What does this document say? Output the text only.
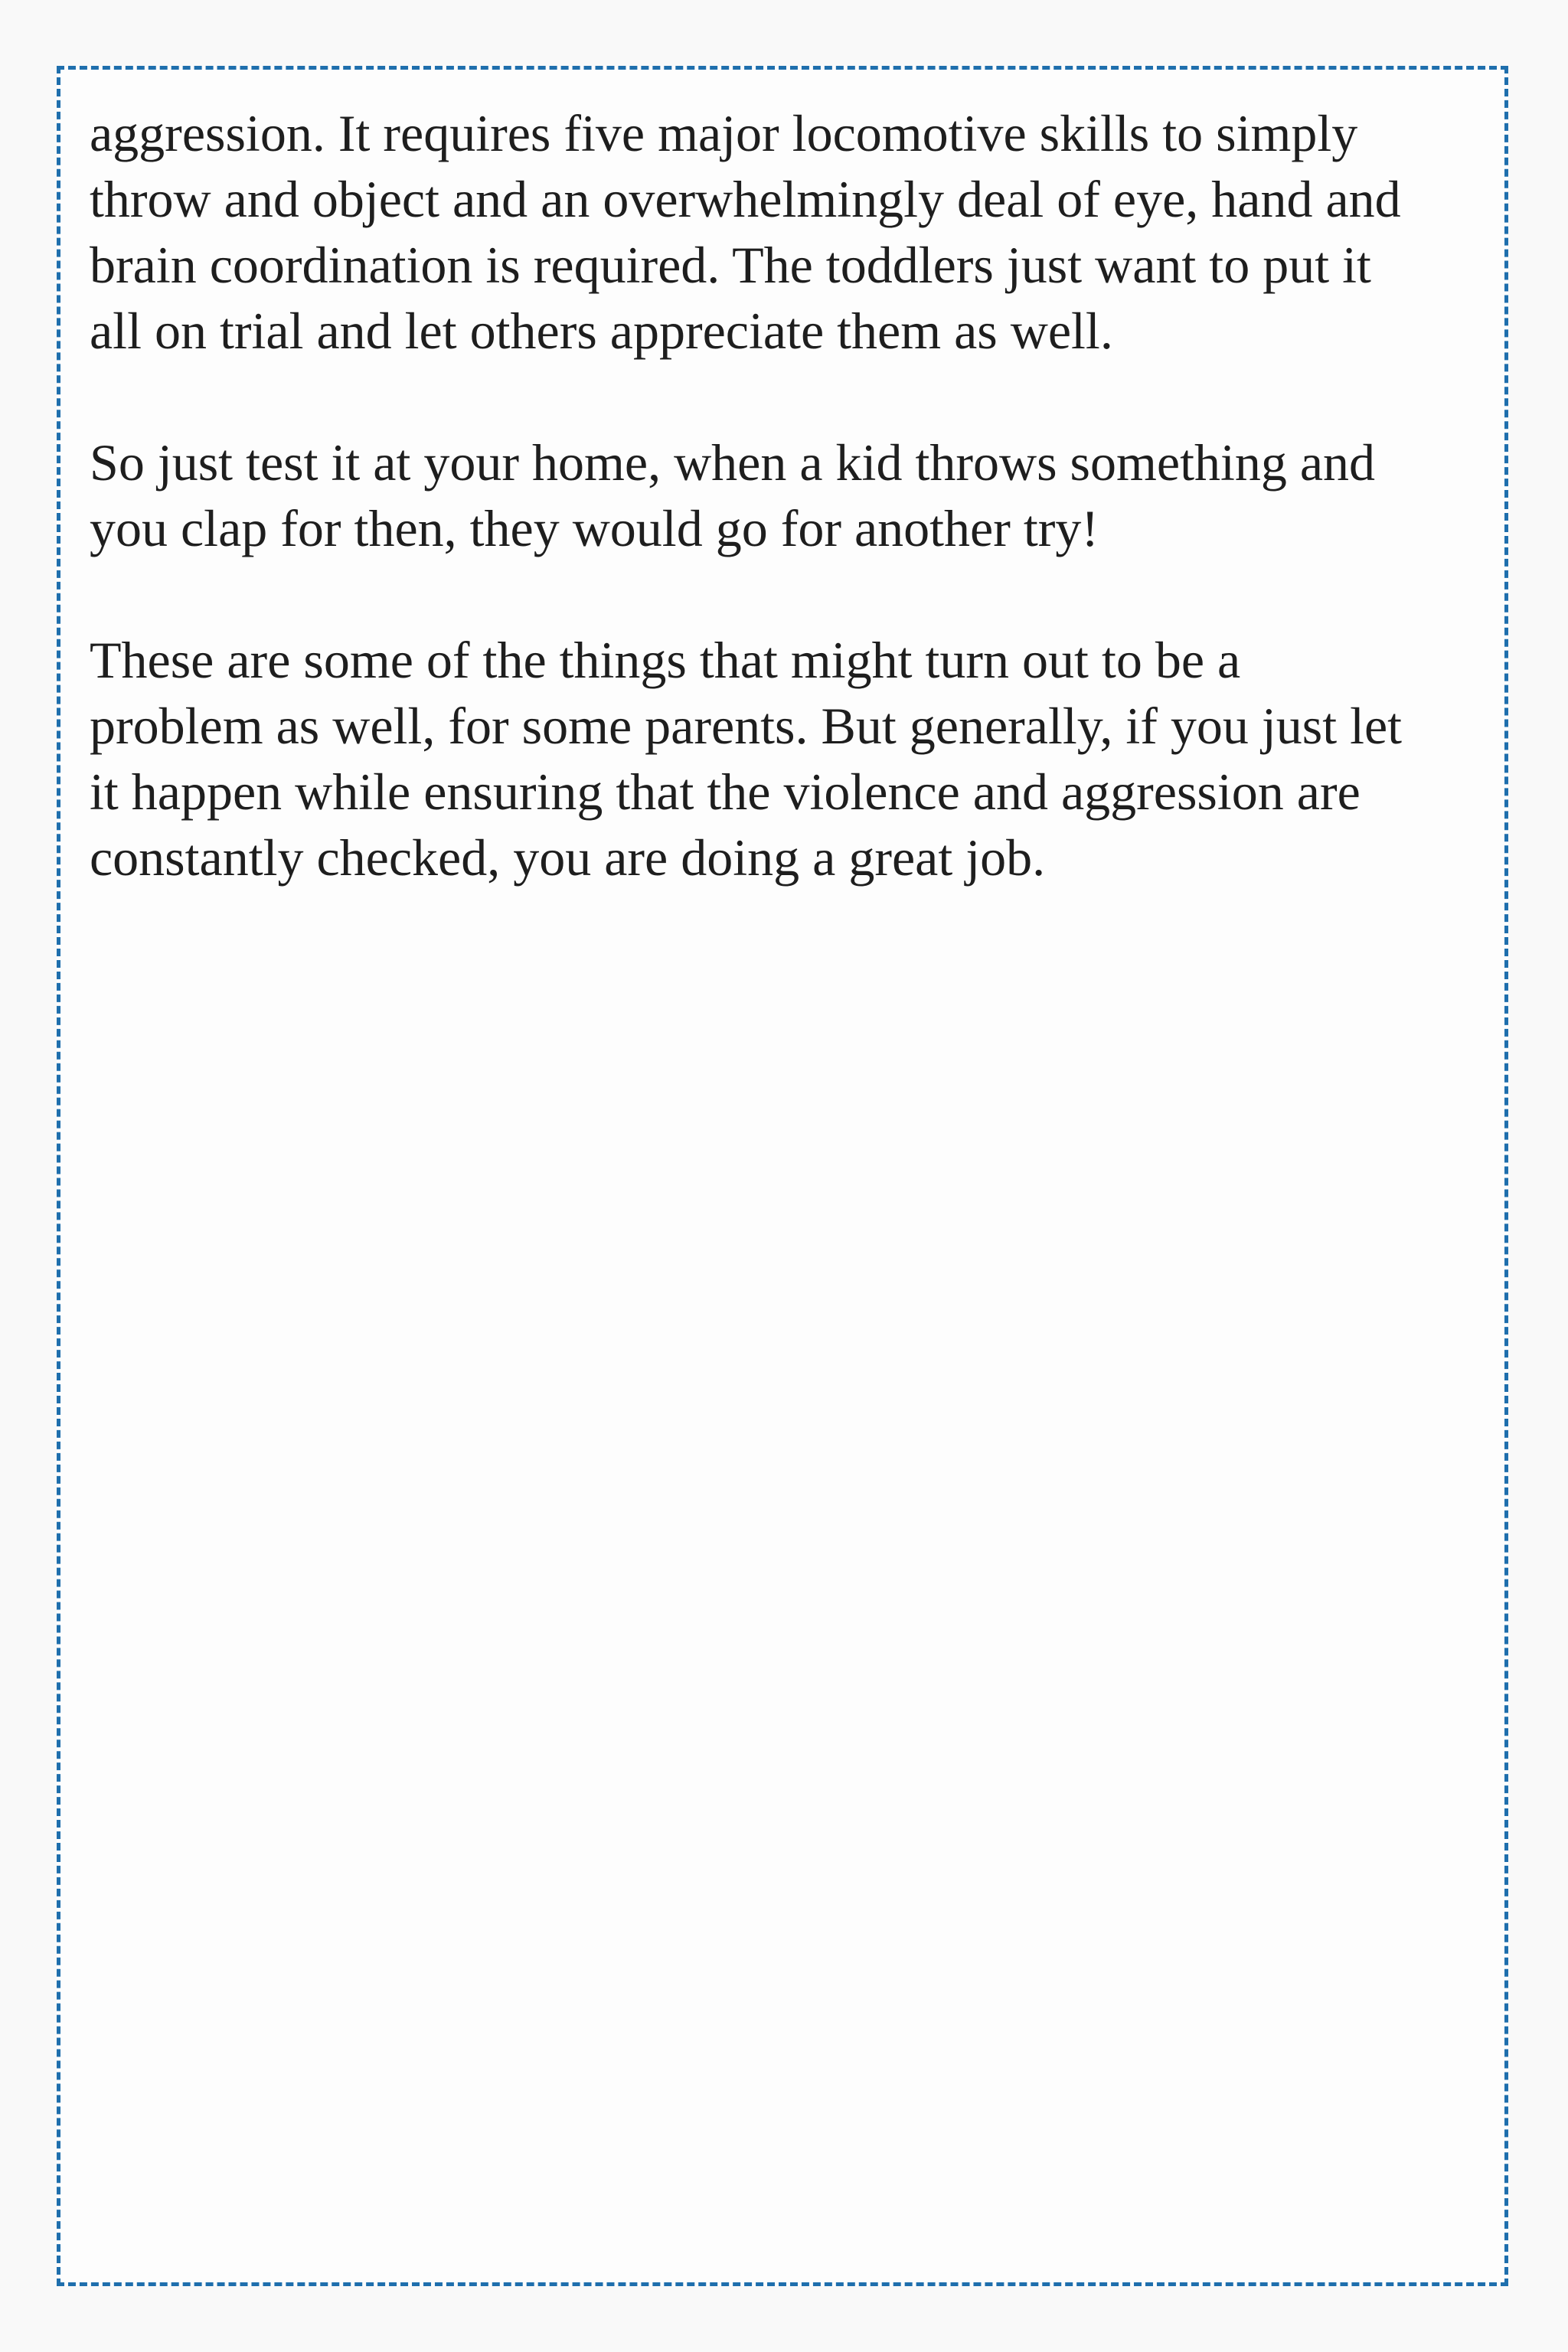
aggression. It requires five major locomotive skills to simply
throw and object and an overwhelmingly deal of eye, hand and
brain coordination is required. The toddlers just want to put it
all on trial and let others appreciate them as well.

So just test it at your home, when a kid throws something and
you clap for then, they would go for another try!

These are some of the things that might turn out to be a
problem as well, for some parents. But generally, if you just let
it happen while ensuring that the violence and aggression are
constantly checked, you are doing a great job.
